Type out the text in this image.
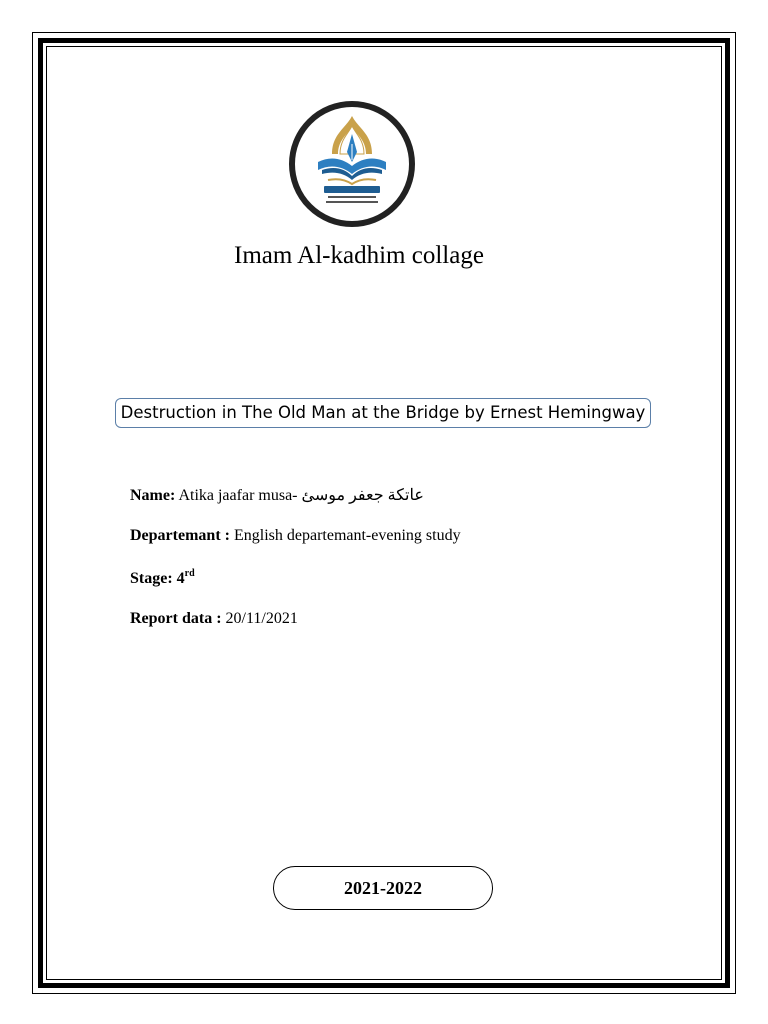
Imam Al-kadhim collage
Destruction in The Old Man at the Bridge by Ernest Hemingway
Name: Atika jaafar musa- عاتكة جعفر موسئ
Departemant : English departemant-evening study
Stage: 4rd
Report data : 20/11/2021
2021-2022
